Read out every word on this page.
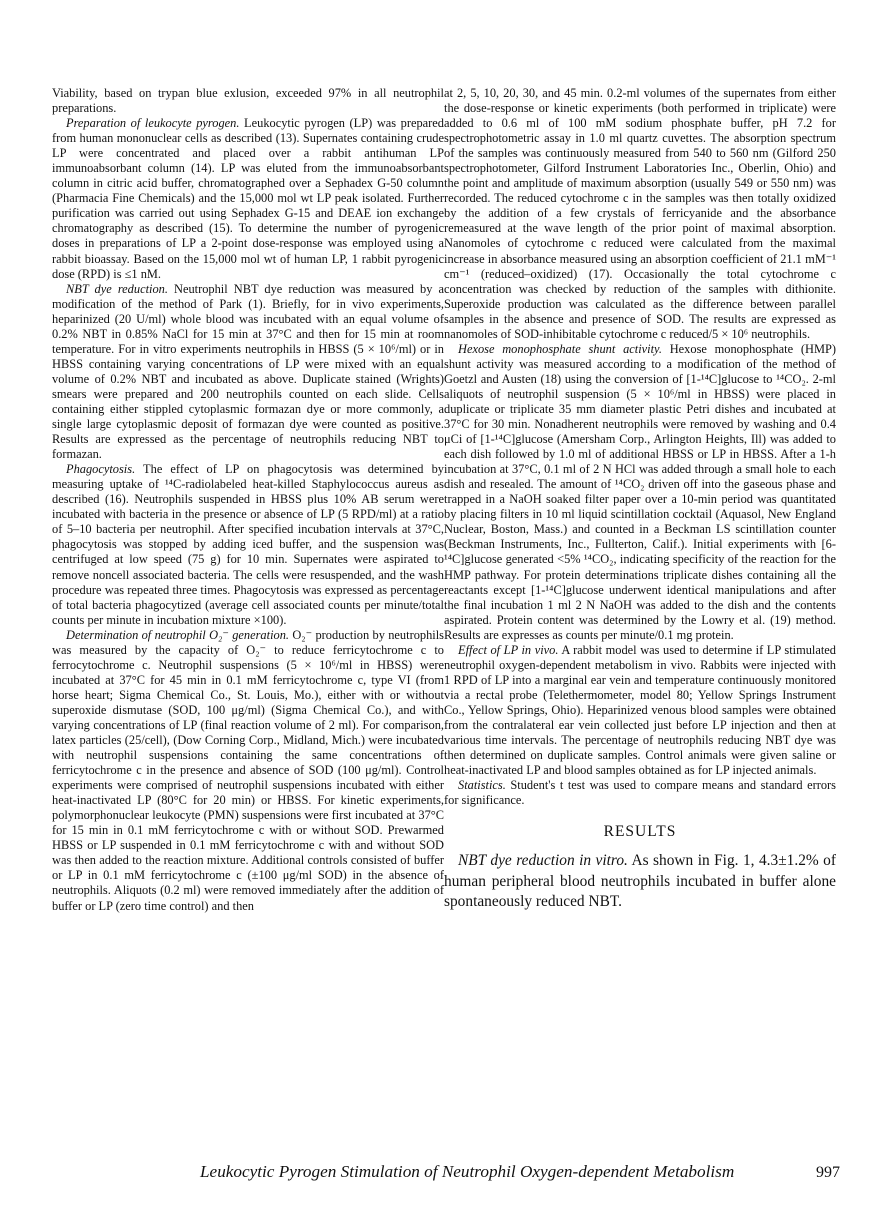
Viability, based on trypan blue exlusion, exceeded 97% in all neutrophil preparations.

Preparation of leukocyte pyrogen. Leukocytic pyrogen (LP) was prepared from human mononuclear cells as described (13). Supernates containing crude LP were concentrated and placed over a rabbit antihuman LP immunoabsorbant column (14). LP was eluted from the immunoabsorbant column in citric acid buffer, chromatographed over a Sephadex G-50 column (Pharmacia Fine Chemicals) and the 15,000 mol wt LP peak isolated. Further purification was carried out using Sephadex G-15 and DEAE ion exchange chromatography as described (15). To determine the number of pyrogenic doses in preparations of LP a 2-point dose-response was employed using a rabbit bioassay. Based on the 15,000 mol wt of human LP, 1 rabbit pyrogenic dose (RPD) is ≤1 nM.

NBT dye reduction. Neutrophil NBT dye reduction was measured by a modification of the method of Park (1). Briefly, for in vivo experiments, heparinized (20 U/ml) whole blood was incubated with an equal volume of 0.2% NBT in 0.85% NaCl for 15 min at 37°C and then for 15 min at room temperature. For in vitro experiments neutrophils in HBSS (5 × 10⁶/ml) or in HBSS containing varying concentrations of LP were mixed with an equal volume of 0.2% NBT and incubated as above. Duplicate stained (Wrights) smears were prepared and 200 neutrophils counted on each slide. Cells containing either stippled cytoplasmic formazan dye or more commonly, a single large cytoplasmic deposit of formazan dye were counted as positive. Results are expressed as the percentage of neutrophils reducing NBT to formazan.

Phagocytosis. The effect of LP on phagocytosis was determined by measuring uptake of ¹⁴C-radiolabeled heat-killed Staphylococcus aureus as described (16). Neutrophils suspended in HBSS plus 10% AB serum were incubated with bacteria in the presence or absence of LP (5 RPD/ml) at a ratio of 5–10 bacteria per neutrophil. After specified incubation intervals at 37°C, phagocytosis was stopped by adding iced buffer, and the suspension was centrifuged at low speed (75 g) for 10 min. Supernates were aspirated to remove noncell associated bacteria. The cells were resuspended, and the wash procedure was repeated three times. Phagocytosis was expressed as percentage of total bacteria phagocytized (average cell associated counts per minute/total counts per minute in incubation mixture ×100).

Determination of neutrophil O₂⁻ generation. O₂⁻ production by neutrophils was measured by the capacity of O₂⁻ to reduce ferricytochrome c to ferrocytochrome c. Neutrophil suspensions (5 × 10⁶/ml in HBSS) were incubated at 37°C for 45 min in 0.1 mM ferricytochrome c, type VI (from horse heart; Sigma Chemical Co., St. Louis, Mo.), either with or without superoxide dismutase (SOD, 100 μg/ml) (Sigma Chemical Co.), and with varying concentrations of LP (final reaction volume of 2 ml). For comparison, latex particles (25/cell), (Dow Corning Corp., Midland, Mich.) were incubated with neutrophil suspensions containing the same concentrations of ferricytochrome c in the presence and absence of SOD (100 μg/ml). Control experiments were comprised of neutrophil suspensions incubated with either heat-inactivated LP (80°C for 20 min) or HBSS. For kinetic experiments, polymorphonuclear leukocyte (PMN) suspensions were first incubated at 37°C for 15 min in 0.1 mM ferricytochrome c with or without SOD. Prewarmed HBSS or LP suspended in 0.1 mM ferricytochrome c with and without SOD was then added to the reaction mixture. Additional controls consisted of buffer or LP in 0.1 mM ferricytochrome c (±100 μg/ml SOD) in the absence of neutrophils. Aliquots (0.2 ml) were removed immediately after the addition of buffer or LP (zero time control) and then

at 2, 5, 10, 20, 30, and 45 min. 0.2-ml volumes of the supernates from either the dose-response or kinetic experiments (both performed in triplicate) were added to 0.6 ml of 100 mM sodium phosphate buffer, pH 7.2 for spectrophotometric assay in 1.0 ml quartz cuvettes. The absorption spectrum of the samples was continuously measured from 540 to 560 nm (Gilford 250 spectrophotometer, Gilford Instrument Laboratories Inc., Oberlin, Ohio) and the point and amplitude of maximum absorption (usually 549 or 550 nm) was recorded. The reduced cytochrome c in the samples was then totally oxidized by the addition of a few crystals of ferricyanide and the absorbance remeasured at the wave length of the prior point of maximal absorption. Nanomoles of cytochrome c reduced were calculated from the maximal increase in absorbance measured using an absorption coefficient of 21.1 mM⁻¹ cm⁻¹ (reduced–oxidized) (17). Occasionally the total cytochrome c concentration was checked by reduction of the samples with dithionite. Superoxide production was calculated as the difference between parallel samples in the absence and presence of SOD. The results are expressed as nanomoles of SOD-inhibitable cytochrome c reduced/5 × 10⁶ neutrophils.

Hexose monophosphate shunt activity. Hexose monophosphate (HMP) shunt activity was measured according to a modification of the method of Goetzl and Austen (18) using the conversion of [1-¹⁴C]glucose to ¹⁴CO₂. 2-ml aliquots of neutrophil suspension (5 × 10⁶/ml in HBSS) were placed in duplicate or triplicate 35 mm diameter plastic Petri dishes and incubated at 37°C for 30 min. Nonadherent neutrophils were removed by washing and 0.4 μCi of [1-¹⁴C]glucose (Amersham Corp., Arlington Heights, Ill) was added to each dish followed by 1.0 ml of additional HBSS or LP in HBSS. After a 1-h incubation at 37°C, 0.1 ml of 2 N HCl was added through a small hole to each dish and resealed. The amount of ¹⁴CO₂ driven off into the gaseous phase and trapped in a NaOH soaked filter paper over a 10-min period was quantitated by placing filters in 10 ml liquid scintillation cocktail (Aquasol, New England Nuclear, Boston, Mass.) and counted in a Beckman LS scintillation counter (Beckman Instruments, Inc., Fullterton, Calif.). Initial experiments with [6-¹⁴C]glucose generated <5% ¹⁴CO₂, indicating specificity of the reaction for the HMP pathway. For protein determinations triplicate dishes containing all the reactants except [1-¹⁴C]glucose underwent identical manipulations and after the final incubation 1 ml 2 N NaOH was added to the dish and the contents aspirated. Protein content was determined by the Lowry et al. (19) method. Results are expresses as counts per minute/0.1 mg protein.

Effect of LP in vivo. A rabbit model was used to determine if LP stimulated neutrophil oxygen-dependent metabolism in vivo. Rabbits were injected with 1 RPD of LP into a marginal ear vein and temperature continuously monitored via a rectal probe (Telethermometer, model 80; Yellow Springs Instrument Co., Yellow Springs, Ohio). Heparinized venous blood samples were obtained from the contralateral ear vein collected just before LP injection and then at various time intervals. The percentage of neutrophils reducing NBT dye was then determined on duplicate samples. Control animals were given saline or heat-inactivated LP and blood samples obtained as for LP injected animals.

Statistics. Student's t test was used to compare means and standard errors for significance.

RESULTS

NBT dye reduction in vitro. As shown in Fig. 1, 4.3±1.2% of human peripheral blood neutrophils incubated in buffer alone spontaneously reduced NBT.

Leukocytic Pyrogen Stimulation of Neutrophil Oxygen-dependent Metabolism	997
